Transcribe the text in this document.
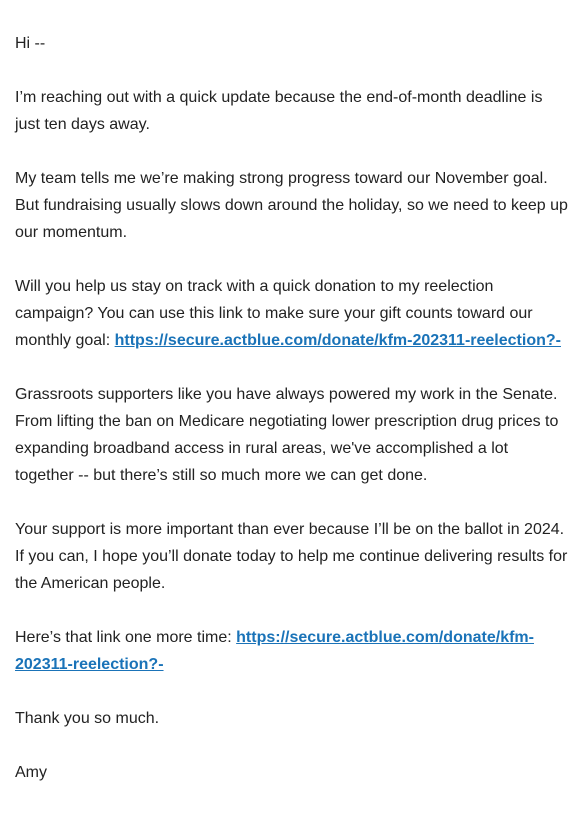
Hi --

I’m reaching out with a quick update because the end-of-month deadline is just ten days away.

My team tells me we’re making strong progress toward our November goal. But fundraising usually slows down around the holiday, so we need to keep up our momentum.

Will you help us stay on track with a quick donation to my reelection campaign? You can use this link to make sure your gift counts toward our monthly goal: https://secure.actblue.com/donate/kfm-202311-reelection?-

Grassroots supporters like you have always powered my work in the Senate. From lifting the ban on Medicare negotiating lower prescription drug prices to expanding broadband access in rural areas, we've accomplished a lot together -- but there’s still so much more we can get done.

Your support is more important than ever because I’ll be on the ballot in 2024. If you can, I hope you’ll donate today to help me continue delivering results for the American people.

Here’s that link one more time: https://secure.actblue.com/donate/kfm-202311-reelection?-

Thank you so much.

Amy
